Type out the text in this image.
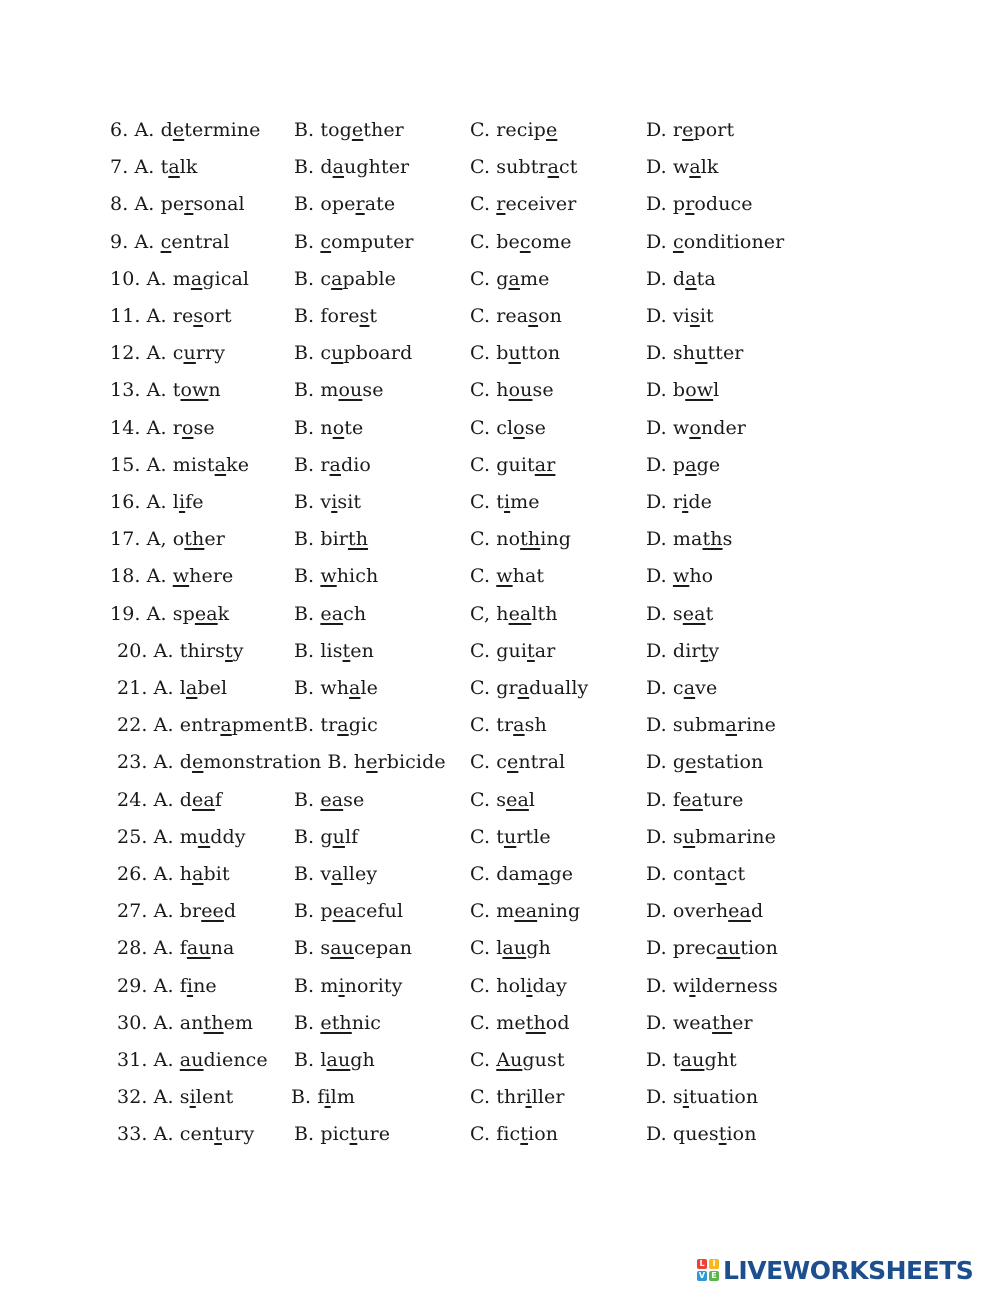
6. A. determine B. together	C. recipe	D. report
7. A. talk	B. daughter	C. subtract	D. walk
8. A. personal	B. operate	C. receiver	D. produce
9. A. central	B. computer	C. become	D. conditioner
10. A. magical B. capable	C. game	D. data
11. A. resort	B. forest	C. reason	D. visit
12. A. curry	B. cupboard	C. button	D. shutter
13. A. town	B. mouse	C. house	D. bowl
14. A. rose	B. note	C. close	D. wonder
15. A. mistake B. radio	C. guitar	D. page
16. A. life	B. visit	C. time	D. ride
17. A, other	B. birth	C. nothing	D. maths
18. A. where	B. which	C. what	D. who
19. A. speak	B. each	C, health	D. seat
20. A. thirsty	B. listen	C. guitar	D. dirty
21. A. label	B. whale	C. gradually	D. cave
22. A. entrapment B. tragic	C. trash	D. submarine
23. A. demonstration B. herbicide C. central	D. gestation
24. A. deaf	B. ease	C. seal	D. feature
25. A. muddy	B. gulf	C. turtle	D. submarine
26. A. habit	B. valley	C. damage	D. contact
27. A. breed	B. peaceful	C. meaning	D. overhead
28. A. fauna	B. saucepan	C. laugh	D. precaution
29. A. fine	B. minority	C. holiday	D. wilderness
30. A. anthem B. ethnic	C. method	D. weather
31. A. audience B. laugh	C. August	D. taught
32. A. silent	B. film	C. thriller	D. situation
33. A. century B. picture	C. fiction	D. question
L I
V E LIVEWORKSHEETS
